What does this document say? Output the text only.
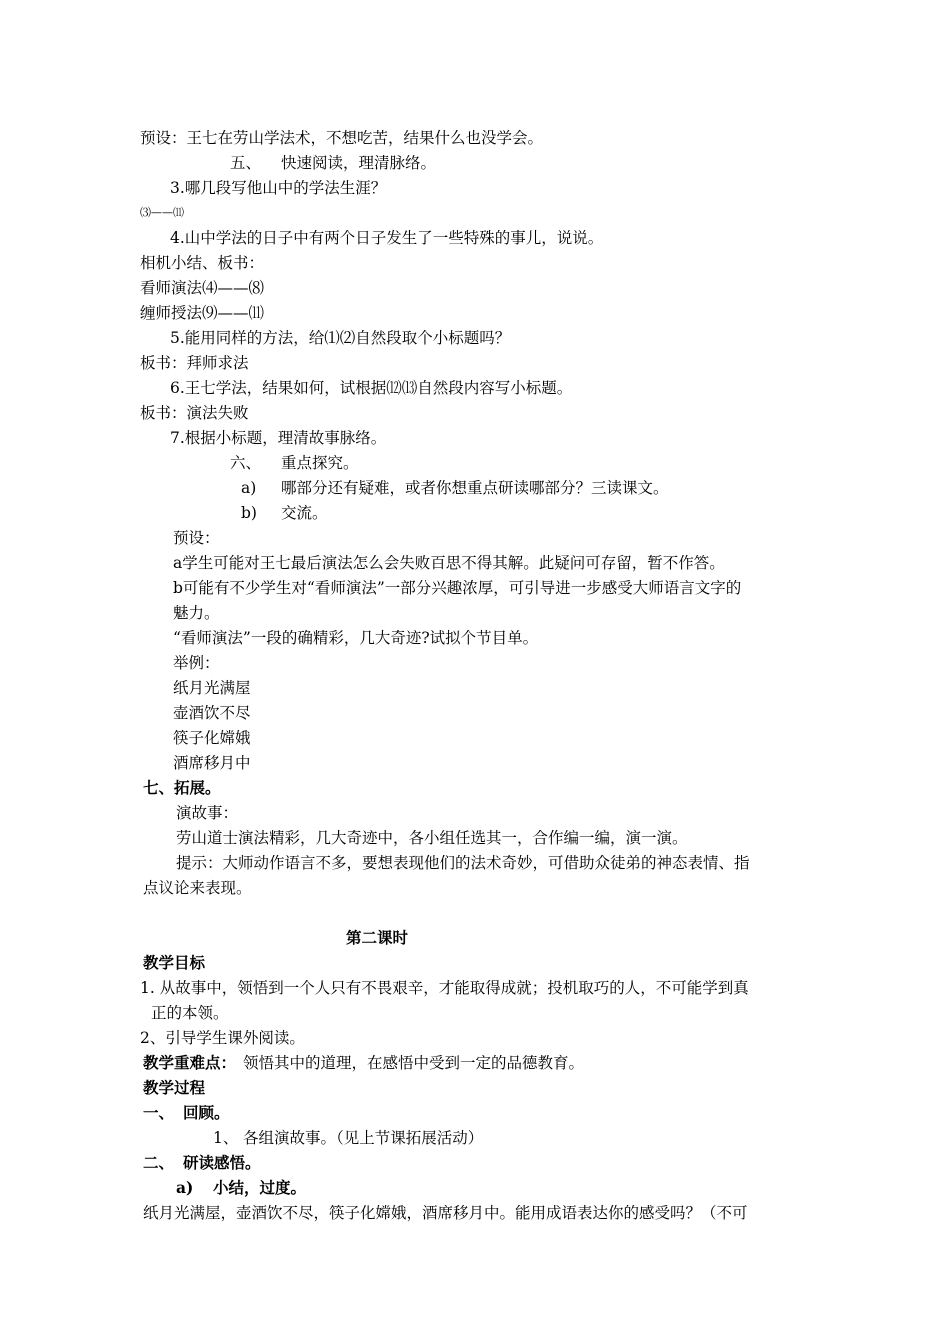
预设：王七在劳山学法术，不想吃苦，结果什么也没学会。
五、 快速阅读，理清脉络。
3.哪几段写他山中的学法生涯？
⑶——⑾
4.山中学法的日子中有两个日子发生了一些特殊的事儿，说说。
相机小结、板书：
看师演法⑷——⑻
缠师授法⑼——⑾
5.能用同样的方法，给⑴⑵自然段取个小标题吗？
板书：拜师求法
6.王七学法，结果如何，试根据⑿⒀自然段内容写小标题。
板书：演法失败
7.根据小标题，理清故事脉络。
六、 重点探究。
a) 哪部分还有疑难，或者你想重点研读哪部分？三读课文。
b) 交流。
预设：
a学生可能对王七最后演法怎么会失败百思不得其解。此疑问可存留，暂不作答。
b可能有不少学生对“看师演法”一部分兴趣浓厚，可引导进一步感受大师语言文字的
魅力。
“看师演法”一段的确精彩，几大奇迹?试拟个节目单。
举例：
纸月光满屋
壶酒饮不尽
筷子化嫦娥
酒席移月中
七、拓展。
演故事：
劳山道士演法精彩，几大奇迹中，各小组任选其一，合作编一编，演一演。
提示：大师动作语言不多，要想表现他们的法术奇妙，可借助众徒弟的神态表情、指
点议论来表现。
第二课时
教学目标
1. 从故事中，领悟到一个人只有不畏艰辛，才能取得成就；投机取巧的人，不可能学到真
正的本领。
2、引导学生课外阅读。
教学重难点： 领悟其中的道理，在感悟中受到一定的品德教育。
教学过程
一、 回顾。
1、 各组演故事。（见上节课拓展活动）
二、 研读感悟。
a) 小结，过度。
纸月光满屋，壶酒饮不尽，筷子化嫦娥，酒席移月中。能用成语表达你的感受吗？（不可
